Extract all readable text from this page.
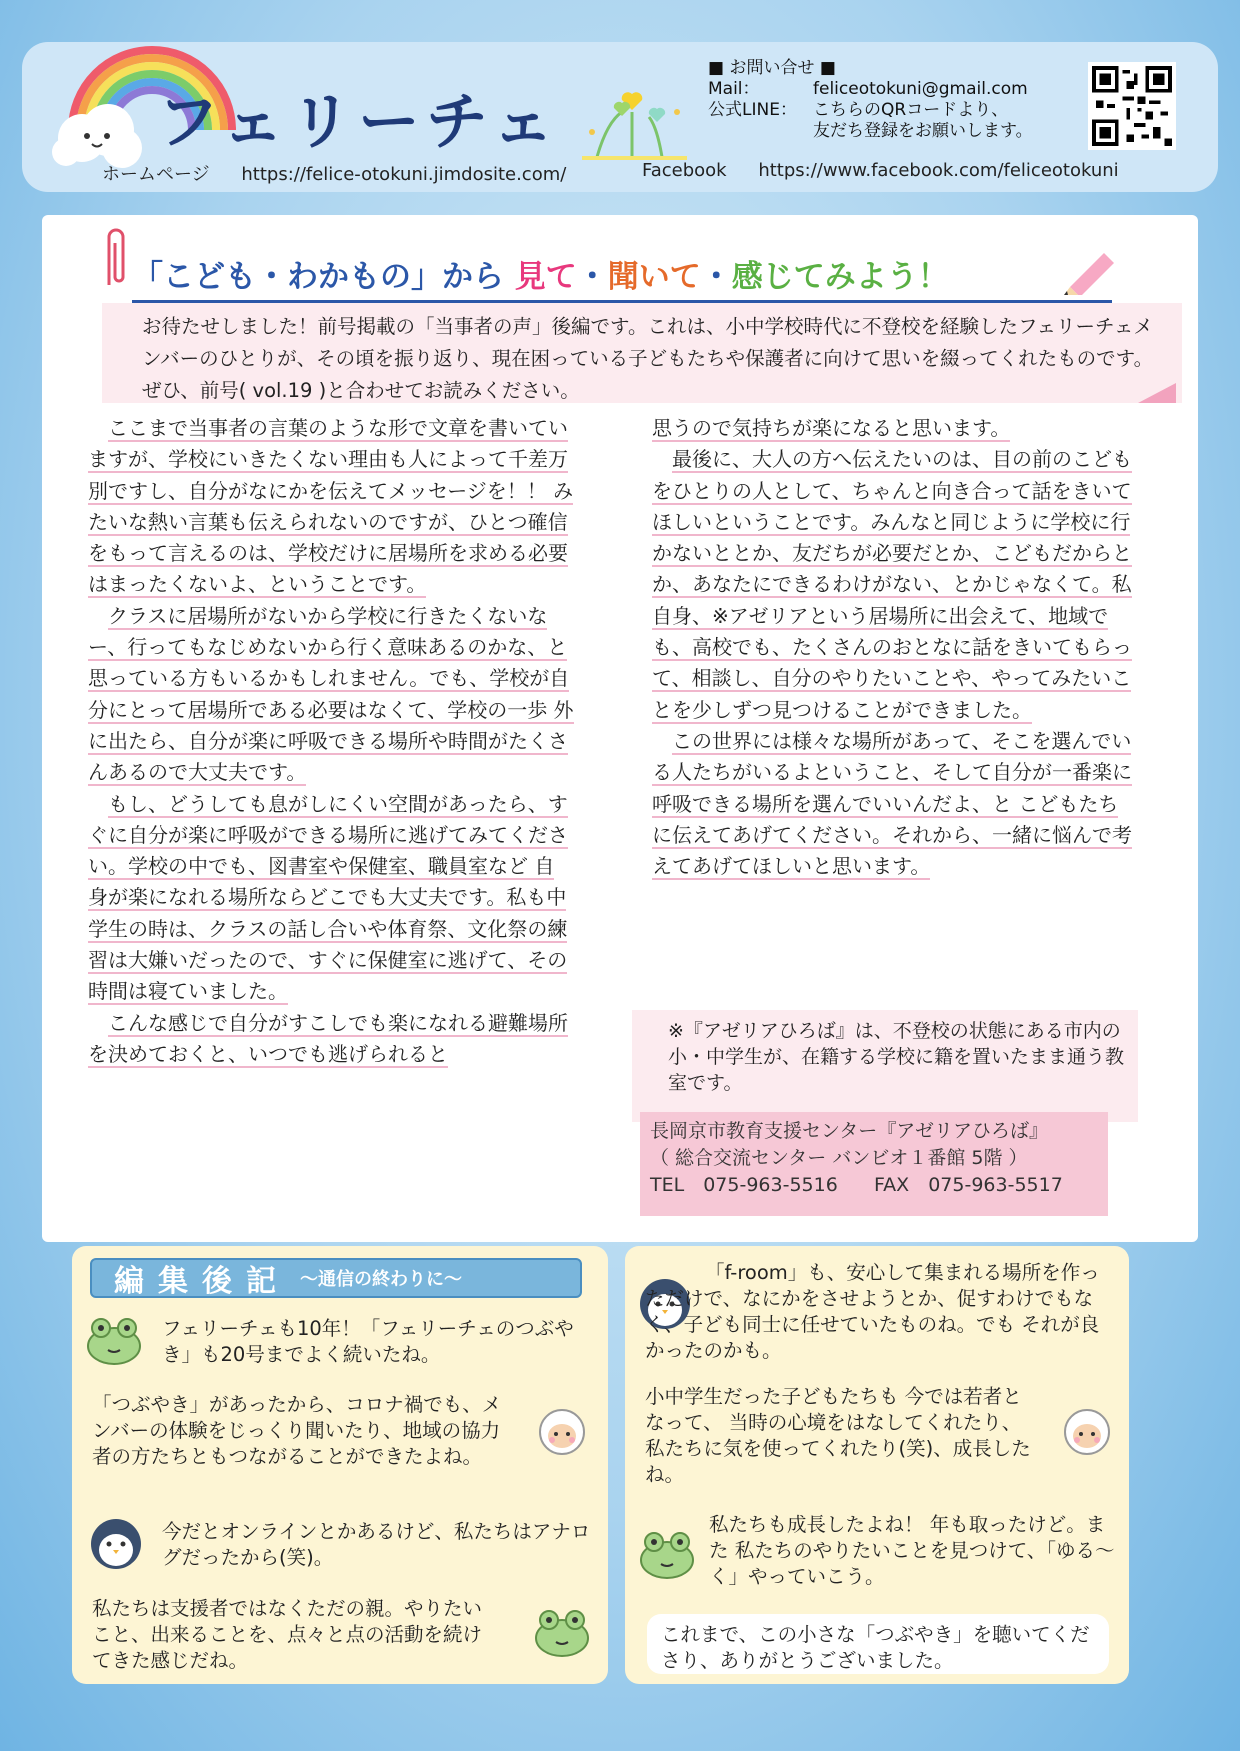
フェリーチェ
■ お問い合せ ■
Mail：	feliceotokuni@gmail.com
公式LINE： こちらのQRコードより、
友だち登録をお願いします。
ホームページ https://felice-otokuni.jimdosite.com/	Facebook https://www.facebook.com/feliceotokuni
「こども・わかもの」から 見て・聞いて・感じてみよう！
お待たせしました！前号掲載の「当事者の声」後編です。これは、小中学校時代に不登校を経験したフェリーチェメンバーのひとりが、その頃を振り返り、現在困っている子どもたちや保護者に向けて思いを綴ってくれたものです。ぜひ、前号( vol.19 )と合わせてお読みください。

ここまで当事者の言葉のような形で文章を書いていますが、学校にいきたくない理由も人によって千差万別ですし、自分がなにかを伝えてメッセージを！！ みたいな熱い言葉も伝えられないのですが、ひとつ確信をもって言えるのは、学校だけに居場所を求める必要はまったくないよ、ということです。

クラスに居場所がないから学校に行きたくないなー、行ってもなじめないから行く意味あるのかな、と思っている方もいるかもしれません。でも、学校が自分にとって居場所である必要はなくて、学校の一歩 外に出たら、自分が楽に呼吸できる場所や時間がたくさんあるので大丈夫です。

もし、どうしても息がしにくい空間があったら、すぐに自分が楽に呼吸ができる場所に逃げてみてください。学校の中でも、図書室や保健室、職員室など 自身が楽になれる場所ならどこでも大丈夫です。私も中学生の時は、クラスの話し合いや体育祭、文化祭の練習は大嫌いだったので、すぐに保健室に逃げて、その時間は寝ていました。

こんな感じで自分がすこしでも楽になれる避難場所を決めておくと、いつでも逃げられると

思うので気持ちが楽になると思います。

最後に、大人の方へ伝えたいのは、目の前のこどもをひとりの人として、ちゃんと向き合って話をきいてほしいということです。みんなと同じように学校に行かないととか、友だちが必要だとか、こどもだからとか、あなたにできるわけがない、とかじゃなくて。私自身、※アゼリアという居場所に出会えて、地域でも、高校でも、たくさんのおとなに話をきいてもらって、相談し、自分のやりたいことや、やってみたいことを少しずつ見つけることができました。

この世界には様々な場所があって、そこを選んでいる人たちがいるよということ、そして自分が一番楽に呼吸できる場所を選んでいいんだよ、と こどもたちに伝えてあげてください。それから、一緒に悩んで考えてあげてほしいと思います。

※『アゼリアひろば』は、不登校の状態にある市内の小・中学生が、在籍する学校に籍を置いたまま通う教室です。
長岡京市教育支援センター『アゼリアひろば』
（ 総合交流センター バンビオ１番館 5階 ）
TEL　075-963-5516	FAX　075-963-5517
編集後記 ～通信の終わりに～
フェリーチェも10年！「フェリーチェのつぶやき」も20号までよく続いたね。
「つぶやき」があったから、コロナ禍でも、メンバーの体験をじっくり聞いたり、地域の協力者の方たちともつながることができたよね。
今だとオンラインとかあるけど、私たちはアナログだったから(笑)。
私たちは支援者ではなくただの親。やりたいこと、出来ることを、点々と点の活動を続けてきた感じだね。
「f-room」も、安心して集まれる場所を作っただけで、なにかをさせようとか、促すわけでもなく、子ども同士に任せていたものね。でも それが良かったのかも。
小中学生だった子どもたちも 今では若者となって、 当時の心境をはなしてくれたり、私たちに気を使ってくれたり(笑)、成長したね。
私たちも成長したよね！ 年も取ったけど。また 私たちのやりたいことを見つけて、「ゆる～く」やっていこう。
これまで、この小さな「つぶやき」を聴いてくださり、ありがとうございました。
